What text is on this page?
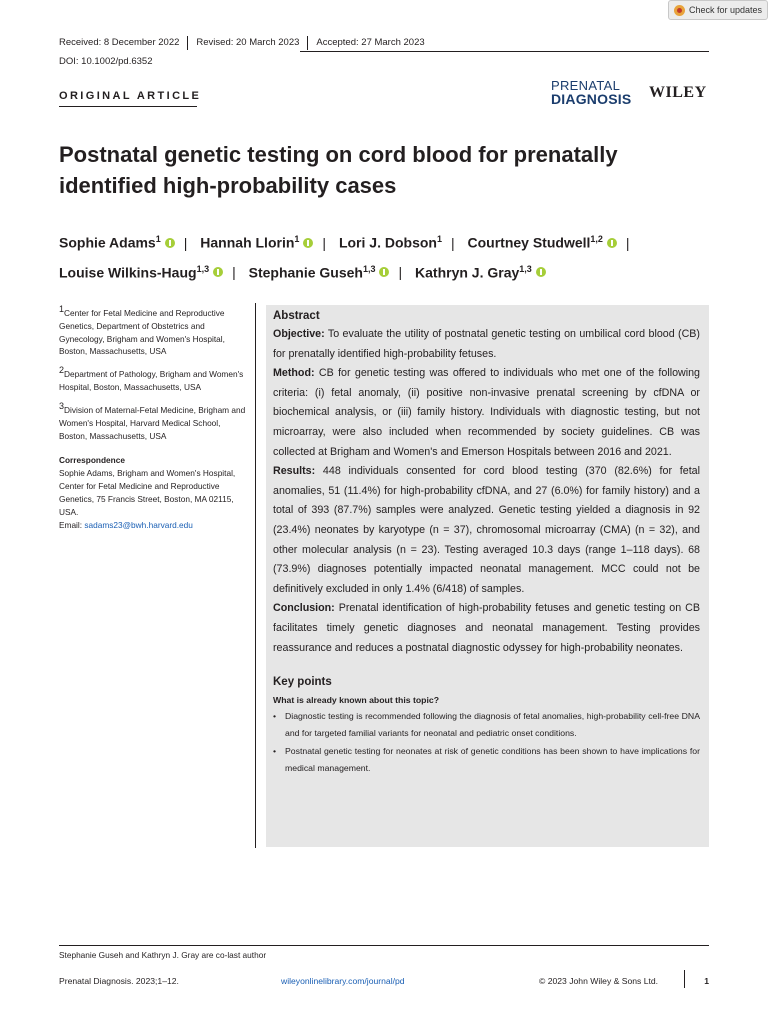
Check for updates
Received: 8 December 2022	Revised: 20 March 2023	Accepted: 27 March 2023
DOI: 10.1002/pd.6352
ORIGINAL ARTICLE
PRENATAL
DIAGNOSIS WILEY
Postnatal genetic testing on cord blood for prenatally identified high-probability cases
Sophie Adams$^1$ | Hannah Llorin$^1$ | Lori J. Dobson$^1$ | Courtney Studwell$^{1,2}$ |
Louise Wilkins-Haug$^{1,3}$ | Stephanie Guseh$^{1,3}$ | Kathryn J. Gray$^{1,3}$

$^1$Center for Fetal Medicine and Reproductive Genetics, Department of Obstetrics and Gynecology, Brigham and Women's Hospital, Boston, Massachusetts, USA

$^2$Department of Pathology, Brigham and Women's Hospital, Boston, Massachusetts, USA

$^3$Division of Maternal-Fetal Medicine, Brigham and Women's Hospital, Harvard Medical School, Boston, Massachusetts, USA

Correspondence

Sophie Adams, Brigham and Women's Hospital, Center for Fetal Medicine and Reproductive Genetics, 75 Francis Street, Boston, MA 02115, USA.
Email: sadams23@bwh.harvard.edu

Abstract

Objective: To evaluate the utility of postnatal genetic testing on umbilical cord blood (CB) for prenatally identified high-probability fetuses.

Method: CB for genetic testing was offered to individuals who met one of the following criteria: (i) fetal anomaly, (ii) positive non-invasive prenatal screening by cfDNA or biochemical analysis, or (iii) family history. Individuals with diagnostic testing, but not microarray, were also included when recommended by society guidelines. CB was collected at Brigham and Women's and Emerson Hospitals between 2016 and 2021.

Results: 448 individuals consented for cord blood testing (370 (82.6%) for fetal anomalies, 51 (11.4%) for high-probability cfDNA, and 27 (6.0%) for family history) and a total of 393 (87.7%) samples were analyzed. Genetic testing yielded a diagnosis in 92 (23.4%) neonates by karyotype (n = 37), chromosomal microarray (CMA) (n = 32), and other molecular analysis (n = 23). Testing averaged 10.3 days (range 1–118 days). 68 (73.9%) diagnoses potentially impacted neonatal management. MCC could not be definitively excluded in only 1.4% (6/418) of samples.

Conclusion: Prenatal identification of high-probability fetuses and genetic testing on CB facilitates timely genetic diagnoses and neonatal management. Testing provides reassurance and reduces a postnatal diagnostic odyssey for high-probability neonates.

Key points

What is already known about this topic?

• Diagnostic testing is recommended following the diagnosis of fetal anomalies, high-probability cell-free DNA and for targeted familial variants for neonatal and pediatric onset conditions.
• Postnatal genetic testing for neonates at risk of genetic conditions has been shown to have implications for medical management.
Stephanie Guseh and Kathryn J. Gray are co-last author
Prenatal Diagnosis. 2023;1–12.	wileyonlinelibrary.com/journal/pd	© 2023 John Wiley & Sons Ltd.	1
